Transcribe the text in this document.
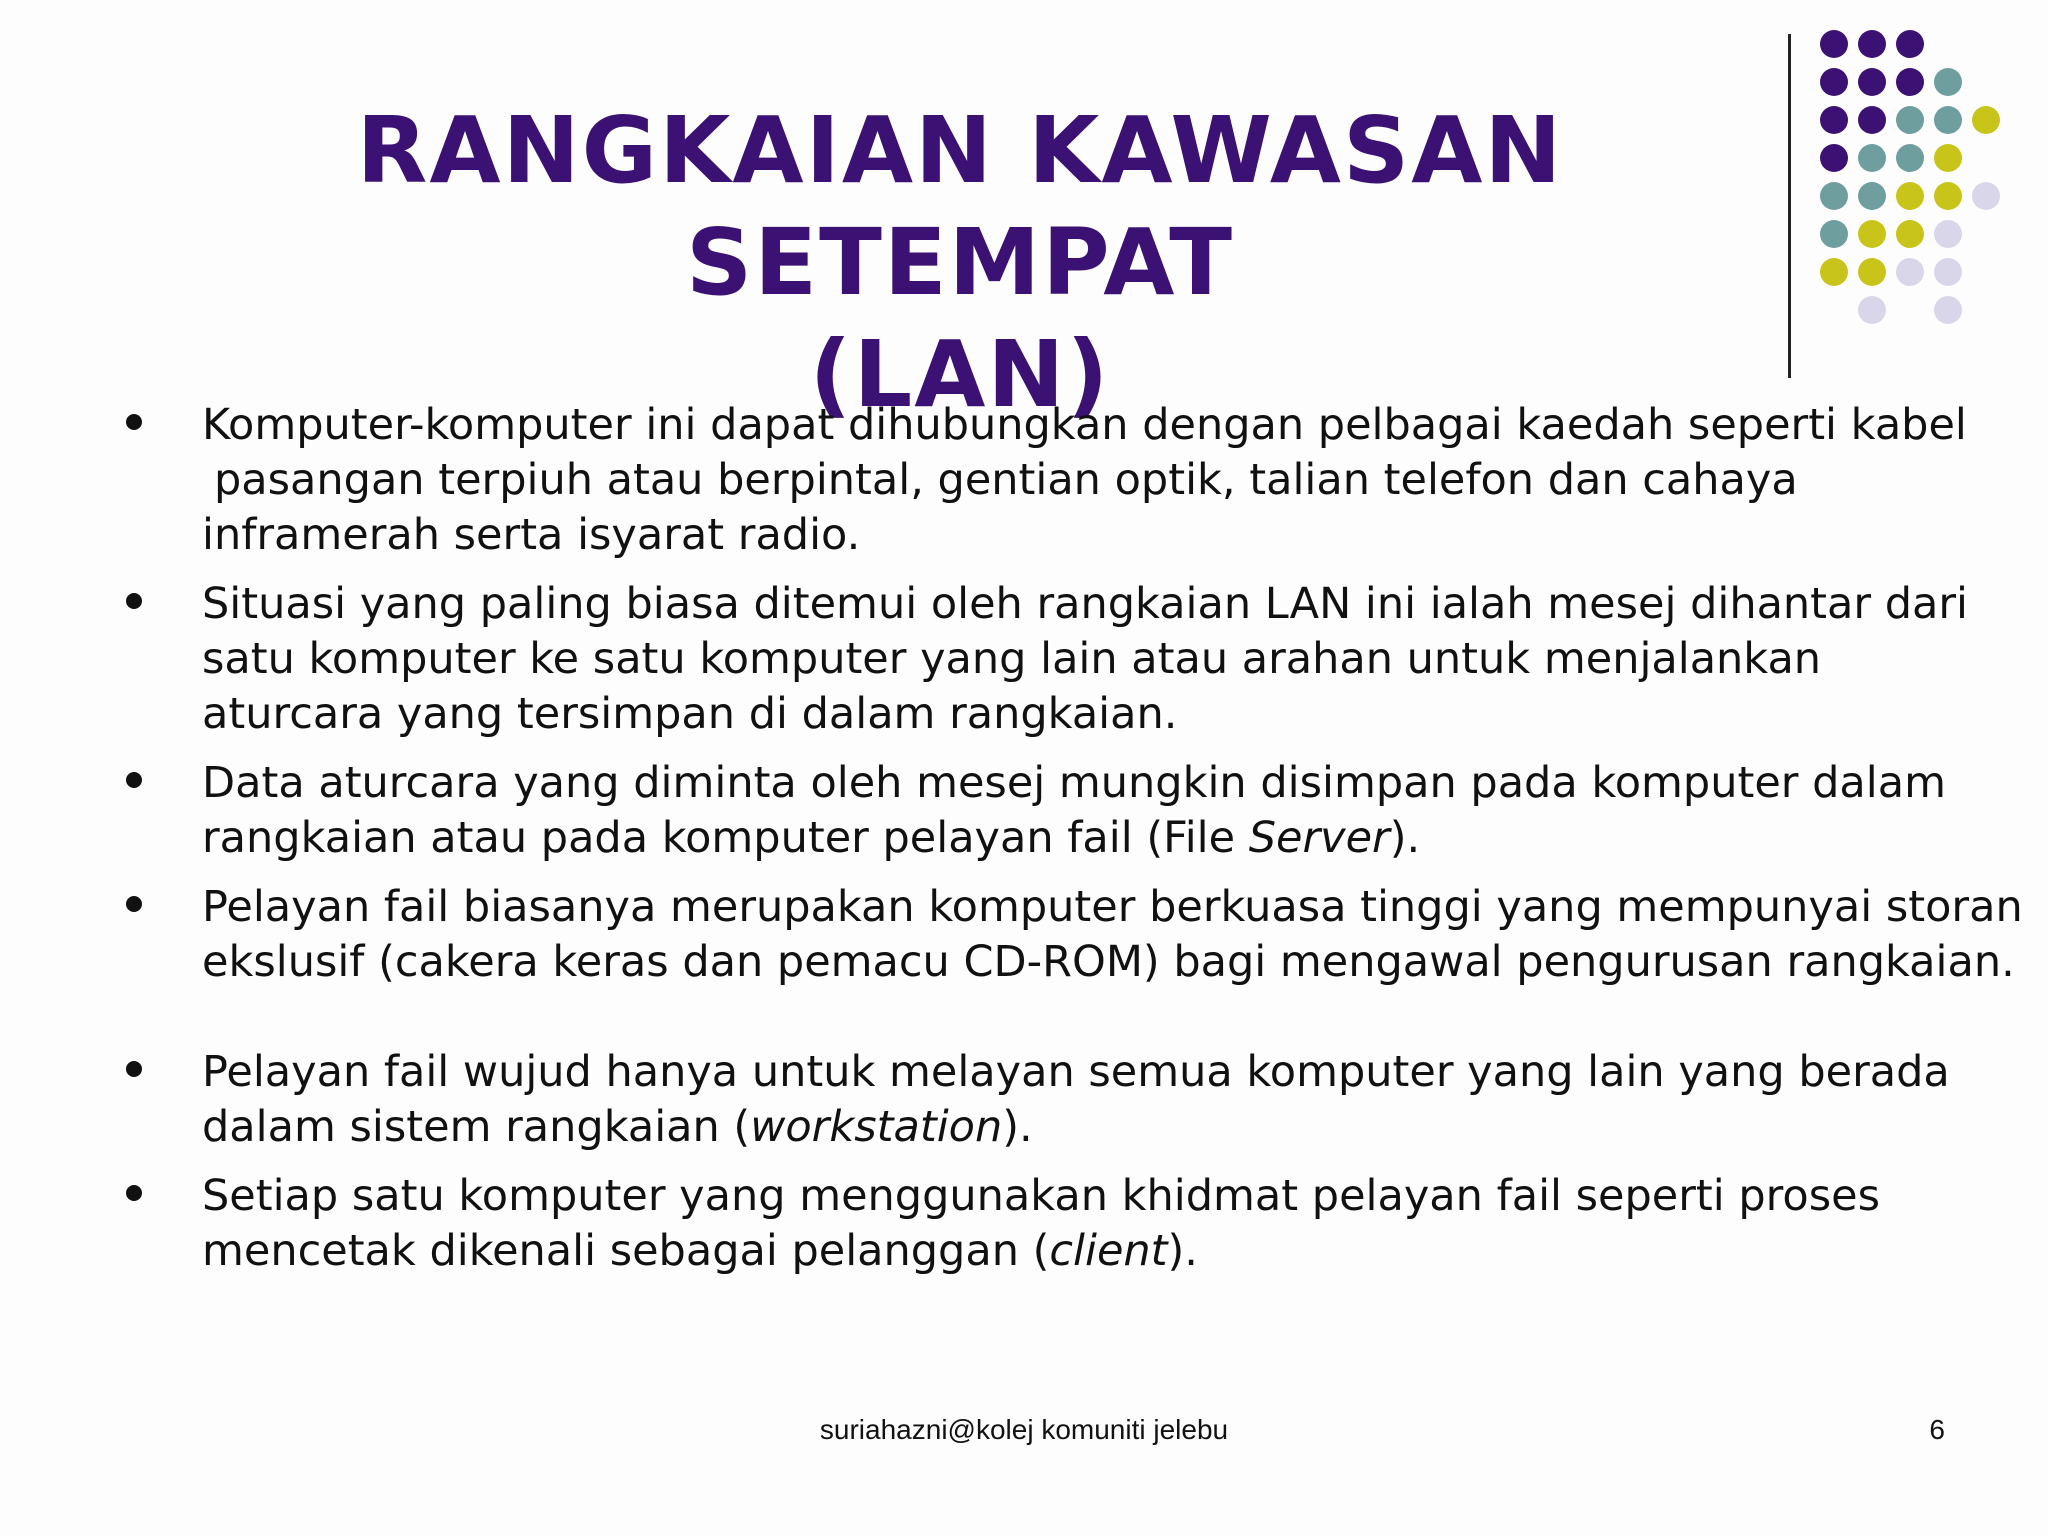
RANGKAIAN KAWASAN SETEMPAT
(LAN)
Komputer-komputer ini dapat dihubungkan dengan pelbagai kaedah seperti kabel
pasangan terpiuh atau berpintal, gentian optik, talian telefon dan cahaya
inframerah serta isyarat radio.
Situasi yang paling biasa ditemui oleh rangkaian LAN ini ialah mesej dihantar dari
satu komputer ke satu komputer yang lain atau arahan untuk menjalankan
aturcara yang tersimpan di dalam rangkaian.
Data aturcara yang diminta oleh mesej mungkin disimpan pada komputer dalam
rangkaian atau pada komputer pelayan fail (File Server).
Pelayan fail biasanya merupakan komputer berkuasa tinggi yang mempunyai storan
ekslusif (cakera keras dan pemacu CD-ROM) bagi mengawal pengurusan rangkaian.
Pelayan fail wujud hanya untuk melayan semua komputer yang lain yang berada
dalam sistem rangkaian (workstation).
Setiap satu komputer yang menggunakan khidmat pelayan fail seperti proses
mencetak dikenali sebagai pelanggan (client).
suriahazni@kolej komuniti jelebu	6
